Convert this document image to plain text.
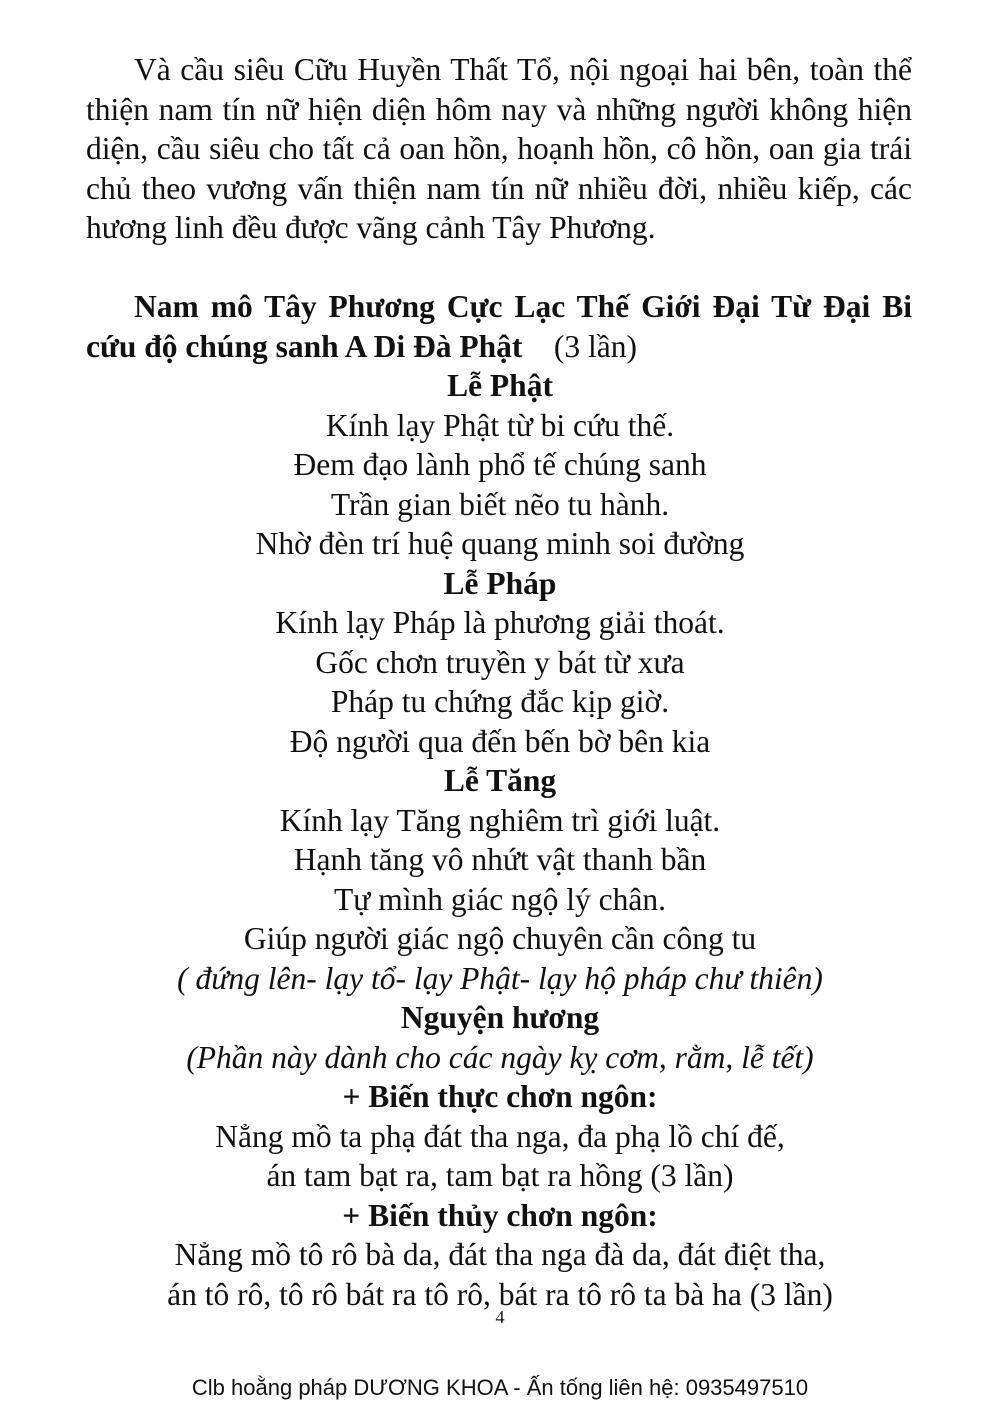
Và cầu siêu Cữu Huyền Thất Tổ, nội ngoại hai bên, toàn thể thiện nam tín nữ hiện diện hôm nay và những người không hiện diện, cầu siêu cho tất cả oan hồn, hoạnh hồn, cô hồn, oan gia trái chủ theo vương vấn thiện nam tín nữ nhiều đời, nhiều kiếp, các hương linh đều được vãng cảnh Tây Phương.

Nam mô Tây Phương Cực Lạc Thế Giới Đại Từ Đại Bi cứu độ chúng sanh A Di Đà Phật (3 lần)

Lễ Phật
Kính lạy Phật từ bi cứu thế.
Đem đạo lành phổ tế chúng sanh
Trần gian biết nẽo tu hành.
Nhờ đèn trí huệ quang minh soi đường
Lễ Pháp
Kính lạy Pháp là phương giải thoát.
Gốc chơn truyền y bát từ xưa
Pháp tu chứng đắc kịp giờ.
Độ người qua đến bến bờ bên kia
Lễ Tăng
Kính lạy Tăng nghiêm trì giới luật.
Hạnh tăng vô nhứt vật thanh bần
Tự mình giác ngộ lý chân.
Giúp người giác ngộ chuyên cần công tu
( đứng lên- lạy tổ- lạy Phật- lạy hộ pháp chư thiên)
Nguyện hương
(Phần này dành cho các ngày kỵ cơm, rằm, lễ tết)
+ Biến thực chơn ngôn:
Nẳng mồ ta phạ đát tha nga, đa phạ lồ chí đế,
án tam bạt ra, tam bạt ra hồng (3 lần)
+ Biến thủy chơn ngôn:
Nẳng mồ tô rô bà da, đát tha nga đà da, đát điệt tha,
án tô rô, tô rô bát ra tô rô, bát ra tô rô ta bà ha (3 lần)
4
Clb hoằng pháp DƯƠNG KHOA - Ấn tống liên hệ: 0935497510
